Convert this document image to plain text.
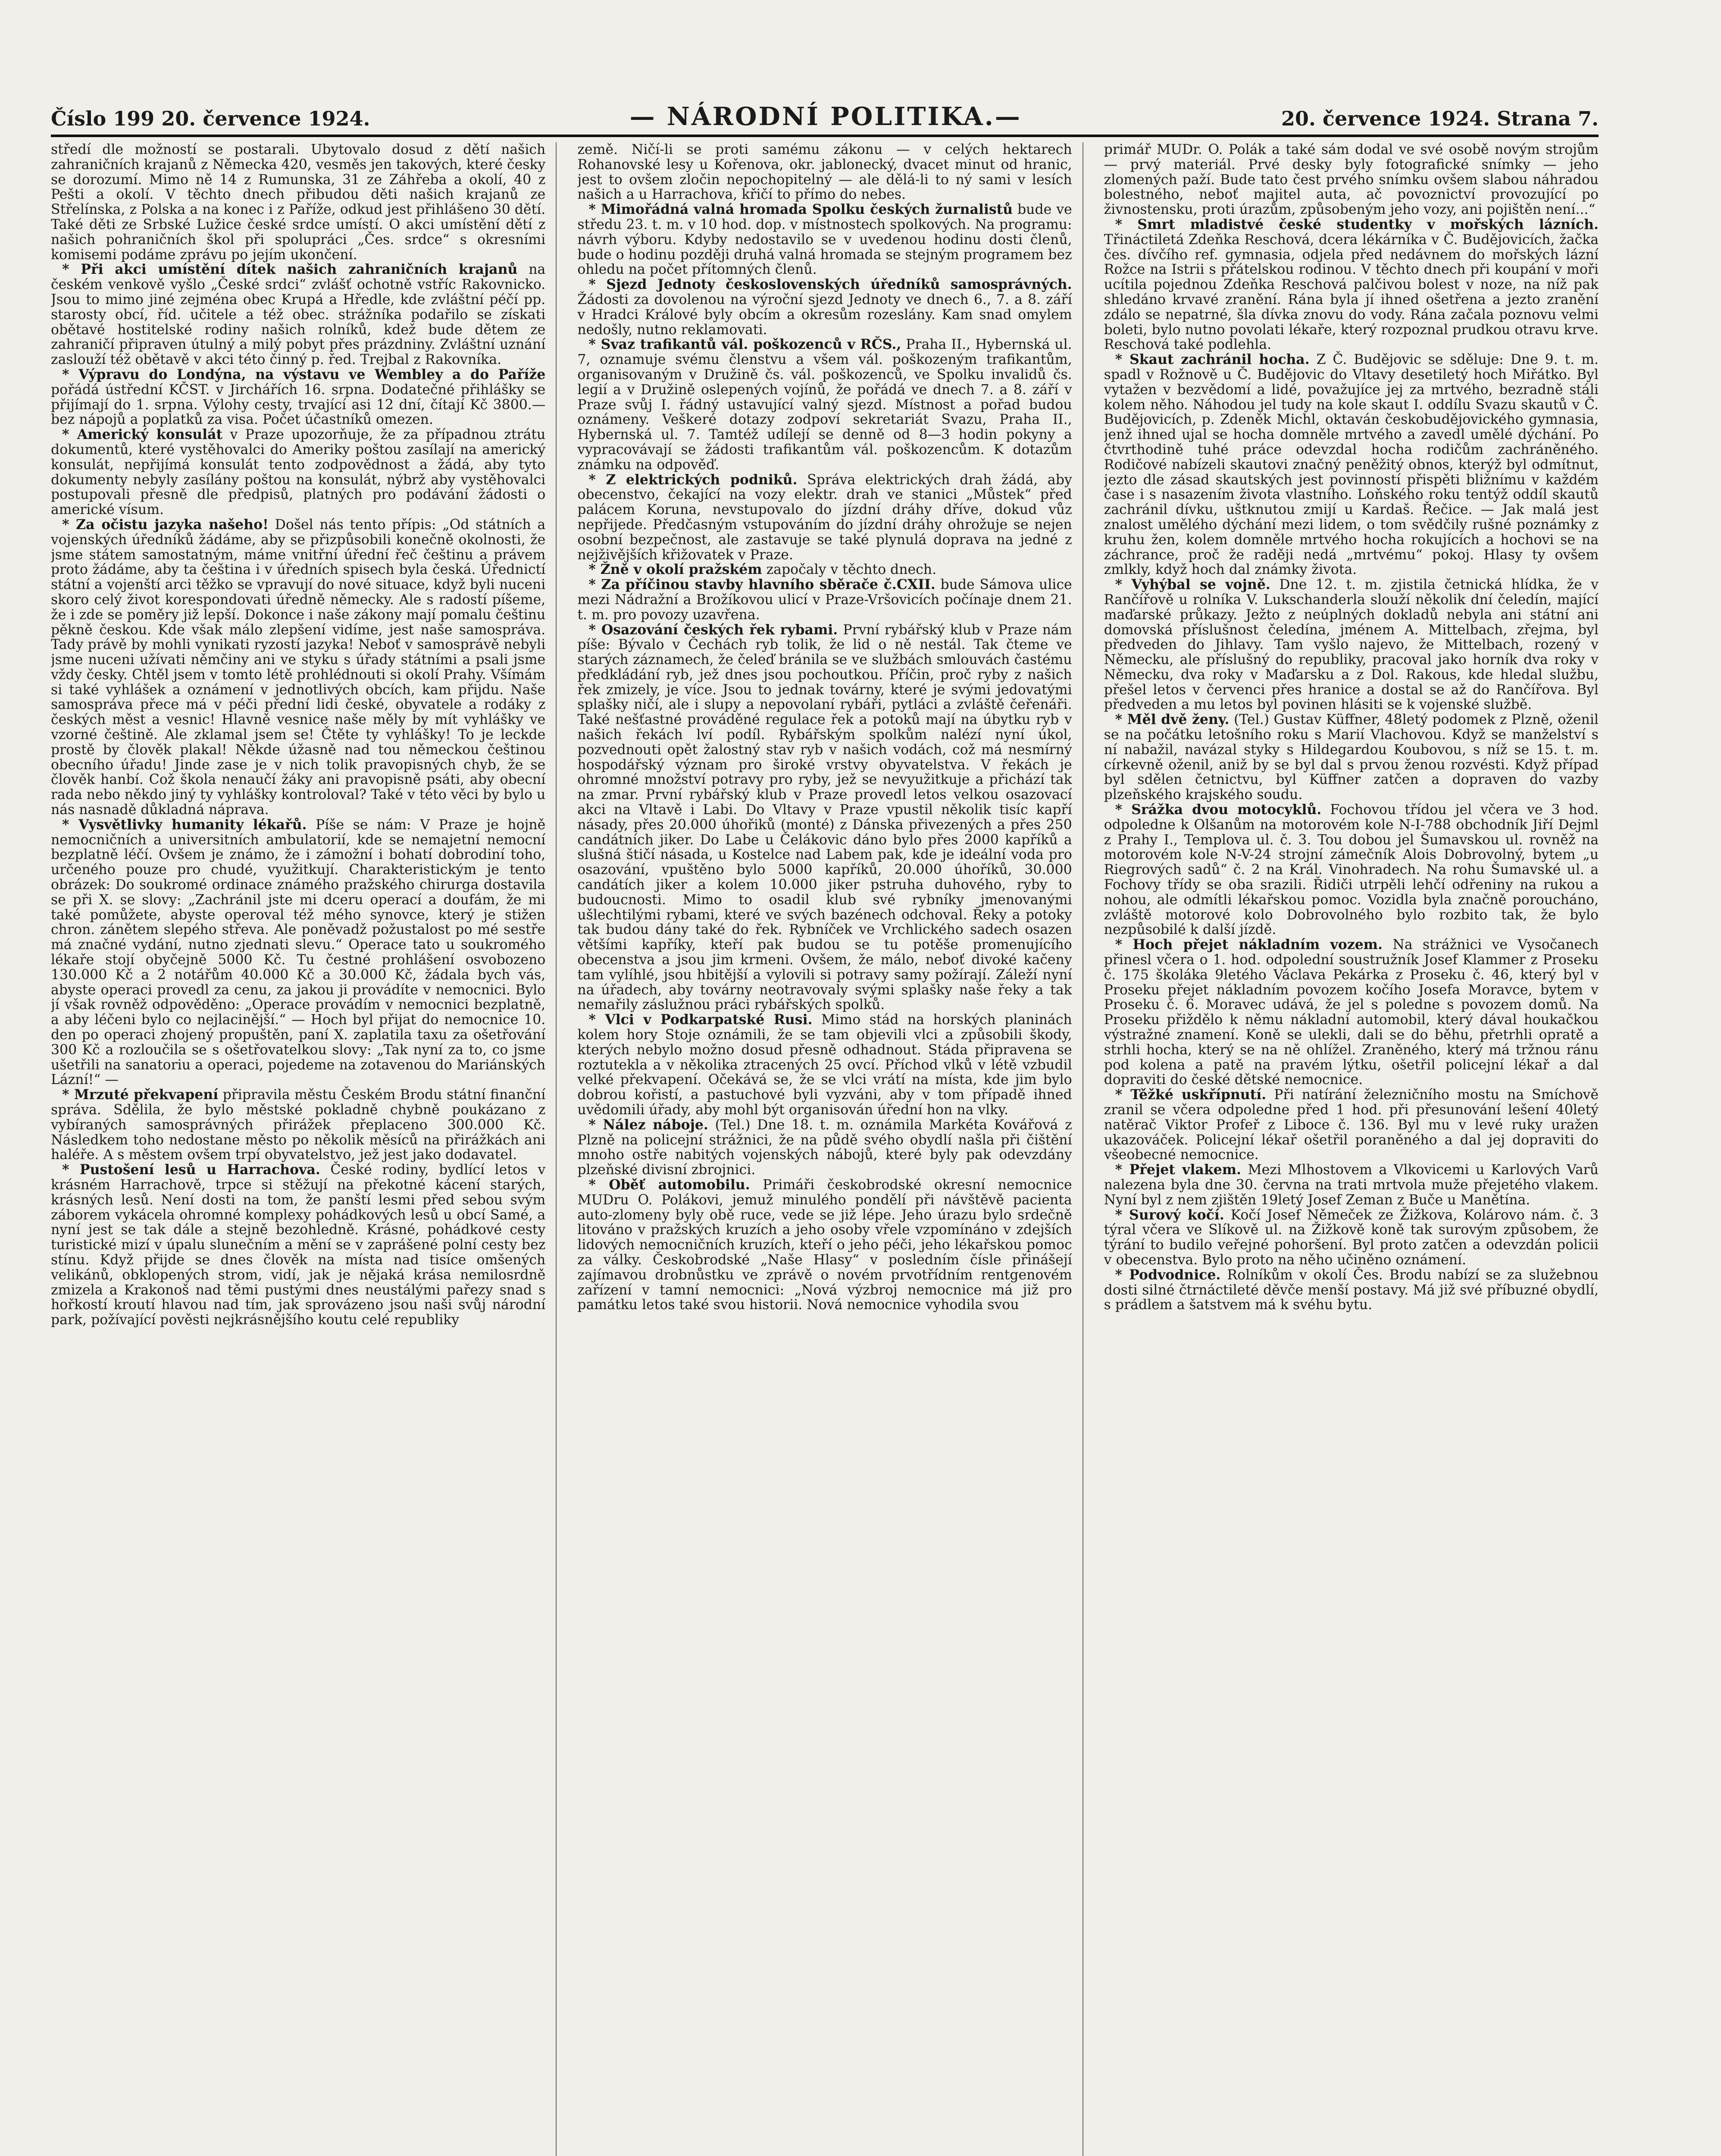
Číslo 199 20. července 1924.	— NÁRODNÍ POLITIKA.—	20. července 1924. Strana 7.

středí dle možností se postarali. Ubytovalo dosud z dětí našich zahraničních krajanů z Německa 420, vesměs jen takových, které česky se dorozumí. Mimo ně 14 z Rumunska, 31 ze Záhřeba a okolí, 40 z Pešti a okolí. V těchto dnech přibudou děti našich krajanů ze Střelínska, z Polska a na konec i z Paříže, odkud jest přihlášeno 30 dětí. Také děti ze Srbské Lužice české srdce umístí. O akci umístění dětí z našich pohraničních škol při spolupráci „Čes. srdce“ s okresními komisemi podáme zprávu po jejím ukončení.

* Při akci umístění dítek našich zahraničních krajanů na českém venkově vyšlo „České srdci“ zvlášť ochotně vstříc Rakovnicko. Jsou to mimo jiné zejména obec Krupá a Hředle, kde zvláštní péčí pp. starosty obcí, říd. učitele a též obec. strážníka podařilo se získati obětavé hostitelské rodiny našich rolníků, kdež bude dětem ze zahraničí připraven útulný a milý pobyt přes prázdniny. Zvláštní uznání zaslouží též obětavě v akci této činný p. řed. Trejbal z Rakovníka.

* Výpravu do Londýna, na výstavu ve Wembley a do Paříže pořádá ústřední KČST. v Jirchářích 16. srpna. Dodatečné přihlášky se přijímají do 1. srpna. Výlohy cesty, trvající asi 12 dní, čítají Kč 3800.— bez nápojů a poplatků za visa. Počet účastníků omezen.

* Americký konsulát v Praze upozorňuje, že za případnou ztrátu dokumentů, které vystěhovalci do Ameriky poštou zasílají na americký konsulát, nepřijímá konsulát tento zodpovědnost a žádá, aby tyto dokumenty nebyly zasílány poštou na konsulát, nýbrž aby vystěhovalci postupovali přesně dle předpisů, platných pro podávání žádosti o americké vísum.

* Za očistu jazyka našeho! Došel nás tento přípis: „Od státních a vojenských úředníků žádáme, aby se přizpůsobili konečně okolnosti, že jsme státem samostatným, máme vnitřní úřední řeč češtinu a právem proto žádáme, aby ta čeština i v úředních spisech byla česká. Úřednictí státní a vojenští arci těžko se vpravují do nové situace, když byli nuceni skoro celý život korespondovati úředně německy. Ale s radostí píšeme, že i zde se poměry již lepší. Dokonce i naše zákony mají pomalu češtinu pěkně českou. Kde však málo zlepšení vidíme, jest naše samospráva. Tady právě by mohli vynikati ryzostí jazyka! Neboť v samosprávě nebyli jsme nuceni užívati němčiny ani ve styku s úřady státními a psali jsme vždy česky. Chtěl jsem v tomto létě prohlédnouti si okolí Prahy. Všímám si také vyhlášek a oznámení v jednotlivých obcích, kam přijdu. Naše samospráva přece má v péči přední lidi české, obyvatele a rodáky z českých měst a vesnic! Hlavně vesnice naše měly by mít vyhlášky ve vzorné češtině. Ale zklamal jsem se! Čtěte ty vyhlášky! To je leckde prostě by člověk plakal! Někde úžasně nad tou německou češtinou obecního úřadu! Jinde zase je v nich tolik pravopisných chyb, že se člověk hanbí. Což škola nenaučí žáky ani pravopisně psáti, aby obecní rada nebo někdo jiný ty vyhlášky kontroloval? Také v této věci by bylo u nás nasnadě důkladná náprava.

* Vysvětlivky humanity lékařů. Píše se nám: V Praze je hojně nemocničních a universitních ambulatorií, kde se nemajetní nemocní bezplatně léčí. Ovšem je známo, že i zámožní i bohatí dobrodiní toho, určeného pouze pro chudé, využitkují. Charakteristickým je tento obrázek: Do soukromé ordinace známého pražského chirurga dostavila se při X. se slovy: „Zachránil jste mi dceru operací a doufám, že mi také pomůžete, abyste operoval též mého synovce, který je stižen chron. zánětem slepého střeva. Ale poněvadž požustalost po mé sestře má značné vydání, nutno zjednati slevu.“ Operace tato u soukromého lékaře stojí obyčejně 5000 Kč. Tu čestné prohlášení osvobozeno 130.000 Kč a 2 notářům 40.000 Kč a 30.000 Kč, žádala bych vás, abyste operaci provedl za cenu, za jakou ji provádíte v nemocnici. Bylo jí však rovněž odpověděno: „Operace provádím v nemocnici bezplatně, a aby léčeni bylo co nejlacinější.“ — Hoch byl přijat do nemocnice 10. den po operaci zhojený propuštěn, paní X. zaplatila taxu za ošetřování 300 Kč a rozloučila se s ošetřovatelkou slovy: „Tak nyní za to, co jsme ušetřili na sanatoriu a operaci, pojedeme na zotavenou do Mariánských Lázní!“ —

* Mrzuté překvapení připravila městu Českém Brodu státní finanční správa. Sdělila, že bylo městské pokladně chybně poukázano z vybíraných samosprávných přirážek přeplaceno 300.000 Kč. Následkem toho nedostane město po několik měsíců na přirážkách ani haléře. A s městem ovšem trpí obyvatelstvo, jež jest jako dodavatel.

* Pustošení lesů u Harrachova. České rodiny, bydlící letos v krásném Harrachově, trpce si stěžují na překotné kácení starých, krásných lesů. Není dosti na tom, že panští lesmi před sebou svým záborem vykácela ohromné komplexy pohádkových lesů u obcí Samé, a nyní jest se tak dále a stejně bezohledně. Krásné, pohádkové cesty turistické mizí v úpalu slunečním a mění se v zaprášené polní cesty bez stínu. Když přijde se dnes člověk na místa nad tisíce omšených velikánů, obklopených strom, vidí, jak je nějaká krása nemilosrdně zmizela a Krakonoš nad těmi pustými dnes neustálými pařezy snad s hořkostí kroutí hlavou nad tím, jak sprovázeno jsou naši svůj národní park, požívající pověsti nejkrásnějšího koutu celé republiky

země. Ničí-li se proti samému zákonu — v celých hektarech Rohanovské lesy u Kořenova, okr. jablonecký, dvacet minut od hranic, jest to ovšem zločin nepochopitelný — ale dělá-li to ný sami v lesích našich a u Harrachova, křičí to přímo do nebes.

* Mimořádná valná hromada Spolku českých žurnalistů bude ve středu 23. t. m. v 10 hod. dop. v místnostech spolkových. Na programu: návrh výboru. Kdyby nedostavilo se v uvedenou hodinu dosti členů, bude o hodinu později druhá valná hromada se stejným programem bez ohledu na počet přítomných členů.

* Sjezd Jednoty československých úředníků samosprávných. Žádosti za dovolenou na výroční sjezd Jednoty ve dnech 6., 7. a 8. září v Hradci Králové byly obcím a okresům rozeslány. Kam snad omylem nedošly, nutno reklamovati.

* Svaz trafikantů vál. poškozenců v RČS., Praha II., Hybernská ul. 7, oznamuje svému členstvu a všem vál. poškozeným trafikantům, organisovaným v Družině čs. vál. poškozenců, ve Spolku invalidů čs. legií a v Družině oslepených vojínů, že pořádá ve dnech 7. a 8. září v Praze svůj I. řádný ustavující valný sjezd. Místnost a pořad budou oznámeny. Veškeré dotazy zodpoví sekretariát Svazu, Praha II., Hybernská ul. 7. Tamtéž udílejí se denně od 8—3 hodin pokyny a vypracovávají se žádosti trafikantům vál. poškozencům. K dotazům známku na odpověď.

* Z elektrických podniků. Správa elektrických drah žádá, aby obecenstvo, čekající na vozy elektr. drah ve stanici „Můstek“ před palácem Koruna, nevstupovalo do jízdní dráhy dříve, dokud vůz nepřijede. Předčasným vstupováním do jízdní dráhy ohrožuje se nejen osobní bezpečnost, ale zastavuje se také plynulá doprava na jedné z nejživějších křižovatek v Praze.

* Žně v okolí pražském započaly v těchto dnech.

* Za příčinou stavby hlavního sběrače č.CXII. bude Sámova ulice mezi Nádražní a Brožíkovou ulicí v Praze-Vršovicích počínaje dnem 21. t. m. pro povozy uzavřena.

* Osazování českých řek rybami. První rybářský klub v Praze nám píše: Bývalo v Čechách ryb tolik, že lid o ně nestál. Tak čteme ve starých záznamech, že čeleď bránila se ve službách smlouvách častému předkládání ryb, jež dnes jsou pochoutkou. Příčin, proč ryby z našich řek zmizely, je více. Jsou to jednak továrny, které je svými jedovatými splašky ničí, ale i slupy a nepovolaní rybáři, pytláci a zvláště čeřenáři. Také nešťastné prováděné regulace řek a potoků mají na úbytku ryb v našich řekách lví podíl. Rybářským spolkům nalézí nyní úkol, pozvednouti opět žalostný stav ryb v našich vodách, což má nesmírný hospodářský význam pro široké vrstvy obyvatelstva. V řekách je ohromné množství potravy pro ryby, jež se nevyužitkuje a přichází tak na zmar. První rybářský klub v Praze provedl letos velkou osazovací akci na Vltavě i Labi. Do Vltavy v Praze vpustil několik tisíc kapří násady, přes 20.000 úhořiků (monté) z Dánska přivezených a přes 250 candátních jiker. Do Labe u Čelákovic dáno bylo přes 2000 kapříků a slušná štičí násada, u Kostelce nad Labem pak, kde je ideální voda pro osazování, vpuštěno bylo 5000 kapříků, 20.000 úhoříků, 30.000 candátích jiker a kolem 10.000 jiker pstruha duhového, ryby to budoucnosti. Mimo to osadil klub své rybníky jmenovanými ušlechtilými rybami, které ve svých bazénech odchoval. Řeky a potoky tak budou dány také do řek. Rybníček ve Vrchlického sadech osazen většími kapříky, kteří pak budou se tu potěše promenujícího obecenstva a jsou jim krmeni. Ovšem, že málo, neboť divoké kačeny tam vylíhlé, jsou hbitější a vylovili si potravy samy požírají. Záleží nyní na úřadech, aby továrny neotravovaly svými splašky naše řeky a tak nemařily záslužnou práci rybářských spolků.

* Vlci v Podkarpatské Rusi. Mimo stád na horských planinách kolem hory Stoje oznámili, že se tam objevili vlci a způsobili škody, kterých nebylo možno dosud přesně odhadnout. Stáda připravena se roztutekla a v několika ztracených 25 ovcí. Příchod vlků v létě vzbudil velké překvapení. Očekává se, že se vlci vrátí na místa, kde jim bylo dobrou kořistí, a pastuchové byli vyzváni, aby v tom případě ihned uvědomili úřady, aby mohl být organisován úřední hon na vlky.

* Nález náboje. (Tel.) Dne 18. t. m. oznámila Markéta Kovářová z Plzně na policejní strážnici, že na půdě svého obydlí našla při čištění mnoho ostře nabitých vojenských nábojů, které byly pak odevzdány plzeňské divisní zbrojnici.

* Oběť automobilu. Primáři českobrodské okresní nemocnice MUDru O. Polákovi, jemuž minulého pondělí při návštěvě pacienta auto-zlomeny byly obě ruce, vede se již lépe. Jeho úrazu bylo srdečně litováno v pražských kruzích a jeho osoby vřele vzpomínáno v zdejších lidových nemocničních kruzích, kteří o jeho péči, jeho lékařskou pomoc za války. Českobrodské „Naše Hlasy“ v posledním čísle přinášejí zajímavou drobnůstku ve zprávě o novém prvotřídním rentgenovém zařízení v tamní nemocnici: „Nová výzbroj nemocnice má již pro památku letos také svou historii. Nová nemocnice vyhodila svou

primář MUDr. O. Polák a také sám dodal ve své osobě novým strojům — prvý materiál. Prvé desky byly fotografické snímky — jeho zlomených paží. Bude tato čest prvého snímku ovšem slabou náhradou bolestného, neboť majitel auta, ač povoznictví provozující po živnostensku, proti úrazům, způsobeným jeho vozy, ani pojištěn není...“

* Smrt mladistvé české studentky v mořských lázních. Třináctiletá Zdeňka Reschová, dcera lékárníka v Č. Budějovicích, žačka čes. dívčího ref. gymnasia, odjela před nedávnem do mořských lázní Rožce na Istrii s přátelskou rodinou. V těchto dnech při koupání v moři ucítila pojednou Zdeňka Reschová palčivou bolest v noze, na níž pak shledáno krvavé zranění. Rána byla jí ihned ošetřena a jezto zranění zdálo se nepatrné, šla dívka znovu do vody. Rána začala poznovu velmi boleti, bylo nutno povolati lékaře, který rozpoznal prudkou otravu krve. Reschová také podlehla.

* Skaut zachránil hocha. Z Č. Budějovic se sděluje: Dne 9. t. m. spadl v Rožnově u Č. Budějovic do Vltavy desetiletý hoch Miřátko. Byl vytažen v bezvědomí a lidé, považujíce jej za mrtvého, bezradně stáli kolem něho. Náhodou jel tudy na kole skaut I. oddílu Svazu skautů v Č. Budějovicích, p. Zdeněk Michl, oktaván českobudějovického gymnasia, jenž ihned ujal se hocha domněle mrtvého a zavedl umělé dýchání. Po čtvrthodině tuhé práce odevzdal hocha rodičům zachráněného. Rodičové nabízeli skautovi značný peněžitý obnos, kterýž byl odmítnut, jezto dle zásad skautských jest povinností přispěti bližnímu v každém čase i s nasazením života vlastního. Loňského roku tentýž oddíl skautů zachránil dívku, uštknutou zmijí u Kardaš. Řečice. — Jak malá jest znalost umělého dýchání mezi lidem, o tom svědčily rušné poznámky z kruhu žen, kolem domněle mrtvého hocha rokujících a hochovi se na záchrance, proč že raději nedá „mrtvému“ pokoj. Hlasy ty ovšem zmlkly, když hoch dal známky života.

* Vyhýbal se vojně. Dne 12. t. m. zjistila četnická hlídka, že v Rančířově u rolníka V. Lukschanderla slouží několik dní čeledín, mající maďarské průkazy. Ježto z neúplných dokladů nebyla ani státní ani domovská příslušnost čeledína, jménem A. Mittelbach, zřejma, byl předveden do Jihlavy. Tam vyšlo najevo, že Mittelbach, rozený v Německu, ale příslušný do republiky, pracoval jako horník dva roky v Německu, dva roky v Maďarsku a z Dol. Rakous, kde hledal službu, přešel letos v červenci přes hranice a dostal se až do Rančířova. Byl předveden a mu letos byl povinen hlásiti se k vojenské službě.

* Měl dvě ženy. (Tel.) Gustav Küffner, 48letý podomek z Plzně, oženil se na počátku letošního roku s Marií Vlachovou. Když se manželství s ní nabažil, navázal styky s Hildegardou Koubovou, s níž se 15. t. m. církevně oženil, aniž by se byl dal s prvou ženou rozvésti. Když případ byl sdělen četnictvu, byl Küffner zatčen a dopraven do vazby plzeňského krajského soudu.

* Srážka dvou motocyklů. Fochovou třídou jel včera ve 3 hod. odpoledne k Olšanům na motorovém kole N-I-788 obchodník Jiří Dejml z Prahy I., Templova ul. č. 3. Tou dobou jel Šumavskou ul. rovněž na motorovém kole N-V-24 strojní zámečník Alois Dobrovolný, bytem „u Riegrových sadů“ č. 2 na Král. Vinohradech. Na rohu Šumavské ul. a Fochovy třídy se oba srazili. Řidiči utrpěli lehčí odřeniny na rukou a nohou, ale odmítli lékařskou pomoc. Vozidla byla značně poroucháno, zvláště motorové kolo Dobrovolného bylo rozbito tak, že bylo nezpůsobilé k další jízdě.

* Hoch přejet nákladním vozem. Na strážnici ve Vysočanech přinesl včera o 1. hod. odpolední soustružník Josef Klammer z Proseku č. 175 školáka 9letého Václava Pekárka z Proseku č. 46, který byl v Proseku přejet nákladním povozem kočího Josefa Moravce, bytem v Proseku č. 6. Moravec udává, že jel s poledne s povozem domů. Na Proseku přiždělo k němu nákladní automobil, který dával houkačkou výstražné znamení. Koně se ulekli, dali se do běhu, přetrhli opratě a strhli hocha, který se na ně ohlížel. Zraněného, který má tržnou ránu pod kolena a patě na pravém lýtku, ošetřil policejní lékař a dal dopraviti do české dětské nemocnice.

* Těžké uskřípnutí. Při natírání železničního mostu na Smíchově zranil se včera odpoledne před 1 hod. při přesunování lešení 40letý natěrač Viktor Profeř z Liboce č. 136. Byl mu v levé ruky uražen ukazováček. Policejní lékař ošetřil poraněného a dal jej dopraviti do všeobecné nemocnice.

* Přejet vlakem. Mezi Mlhostovem a Vlkovicemi u Karlových Varů nalezena byla dne 30. června na trati mrtvola muže přejetého vlakem. Nyní byl z nem zjištěn 19letý Josef Zeman z Buče u Manětína.

* Surový kočí. Kočí Josef Němeček ze Žižkova, Kolárovo nám. č. 3 týral včera ve Slíkově ul. na Žižkově koně tak surovým způsobem, že týrání to budilo veřejné pohoršení. Byl proto zatčen a odevzdán policii v obecenstva. Bylo proto na něho učiněno oznámení.

* Podvodnice. Rolníkům v okolí Čes. Brodu nabízí se za služebnou dosti silné čtrnáctileté děvče menší postavy. Má již své příbuzné obydlí, s prádlem a šatstvem má k svéhu bytu.
